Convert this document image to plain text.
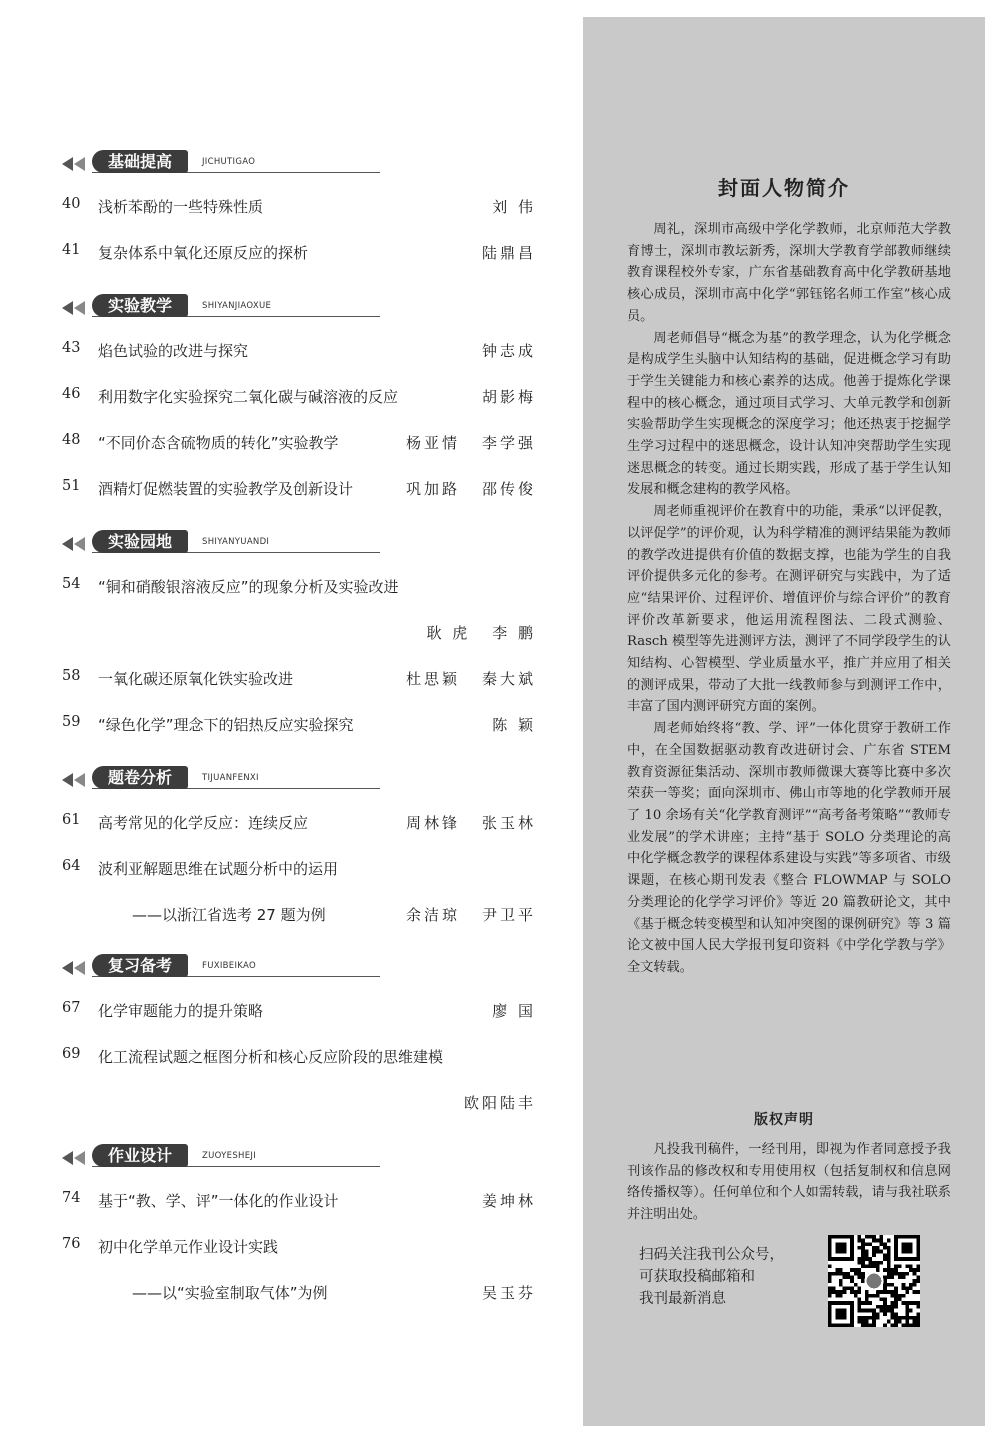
基础提高	JICHUTIGAO
40	浅析苯酚的一些特殊性质	刘 伟
41	复杂体系中氧化还原反应的探析	陆鼎昌
实验教学	SHIYANJIAOXUE
43	焰色试验的改进与探究	钟志成
46	利用数字化实验探究二氧化碳与碱溶液的反应	胡影梅
48	“不同价态含硫物质的转化”实验教学	杨亚情 李学强
51	酒精灯促燃装置的实验教学及创新设计	巩加路 邵传俊
实验园地	SHIYANYUANDI
54	“铜和硝酸银溶液反应”的现象分析及实验改进
耿 虎 李 鹏
58	一氧化碳还原氧化铁实验改进	杜思颖 秦大斌
59	“绿色化学”理念下的铝热反应实验探究	陈 颖
题卷分析	TIJUANFENXI
61	高考常见的化学反应：连续反应	周林锋 张玉林
64	波利亚解题思维在试题分析中的运用
——以浙江省选考 27 题为例	余洁琼 尹卫平
复习备考	FUXIBEIKAO
67	化学审题能力的提升策略	廖 国
69	化工流程试题之框图分析和核心反应阶段的思维建模
欧阳陆丰
作业设计	ZUOYESHEJI
74	基于“教、学、评”一体化的作业设计	姜坤林
76	初中化学单元作业设计实践
——以“实验室制取气体”为例	吴玉芬
封面人物简介

周礼，深圳市高级中学化学教师，北京师范大学教育博士，深圳市教坛新秀，深圳大学教育学部教师继续教育课程校外专家，广东省基础教育高中化学教研基地核心成员，深圳市高中化学“郭钰铭名师工作室”核心成员。

周老师倡导“概念为基”的教学理念，认为化学概念是构成学生头脑中认知结构的基础，促进概念学习有助于学生关键能力和核心素养的达成。他善于提炼化学课程中的核心概念，通过项目式学习、大单元教学和创新实验帮助学生实现概念的深度学习；他还热衷于挖掘学生学习过程中的迷思概念，设计认知冲突帮助学生实现迷思概念的转变。通过长期实践，形成了基于学生认知发展和概念建构的教学风格。

周老师重视评价在教育中的功能，秉承“以评促教，以评促学”的评价观，认为科学精准的测评结果能为教师的教学改进提供有价值的数据支撑，也能为学生的自我评价提供多元化的参考。在测评研究与实践中，为了适应“结果评价、过程评价、增值评价与综合评价”的教育评价改革新要求，他运用流程图法、二段式测验、Rasch 模型等先进测评方法，测评了不同学段学生的认知结构、心智模型、学业质量水平，推广并应用了相关的测评成果，带动了大批一线教师参与到测评工作中，丰富了国内测评研究方面的案例。

周老师始终将“教、学、评”一体化贯穿于教研工作中，在全国数据驱动教育改进研讨会、广东省 STEM 教育资源征集活动、深圳市教师微课大赛等比赛中多次荣获一等奖；面向深圳市、佛山市等地的化学教师开展了 10 余场有关“化学教育测评”“高考备考策略”“教师专业发展”的学术讲座；主持“基于 SOLO 分类理论的高中化学概念教学的课程体系建设与实践”等多项省、市级课题，在核心期刊发表《整合 FLOWMAP 与 SOLO 分类理论的化学学习评价》等近 20 篇教研论文，其中《基于概念转变模型和认知冲突图的课例研究》等 3 篇论文被中国人民大学报刊复印资料《中学化学教与学》全文转载。

版权声明

凡投我刊稿件，一经刊用，即视为作者同意授予我刊该作品的修改权和专用使用权（包括复制权和信息网络传播权等）。任何单位和个人如需转载，请与我社联系并注明出处。

扫码关注我刊公众号，
可获取投稿邮箱和
我刊最新消息
